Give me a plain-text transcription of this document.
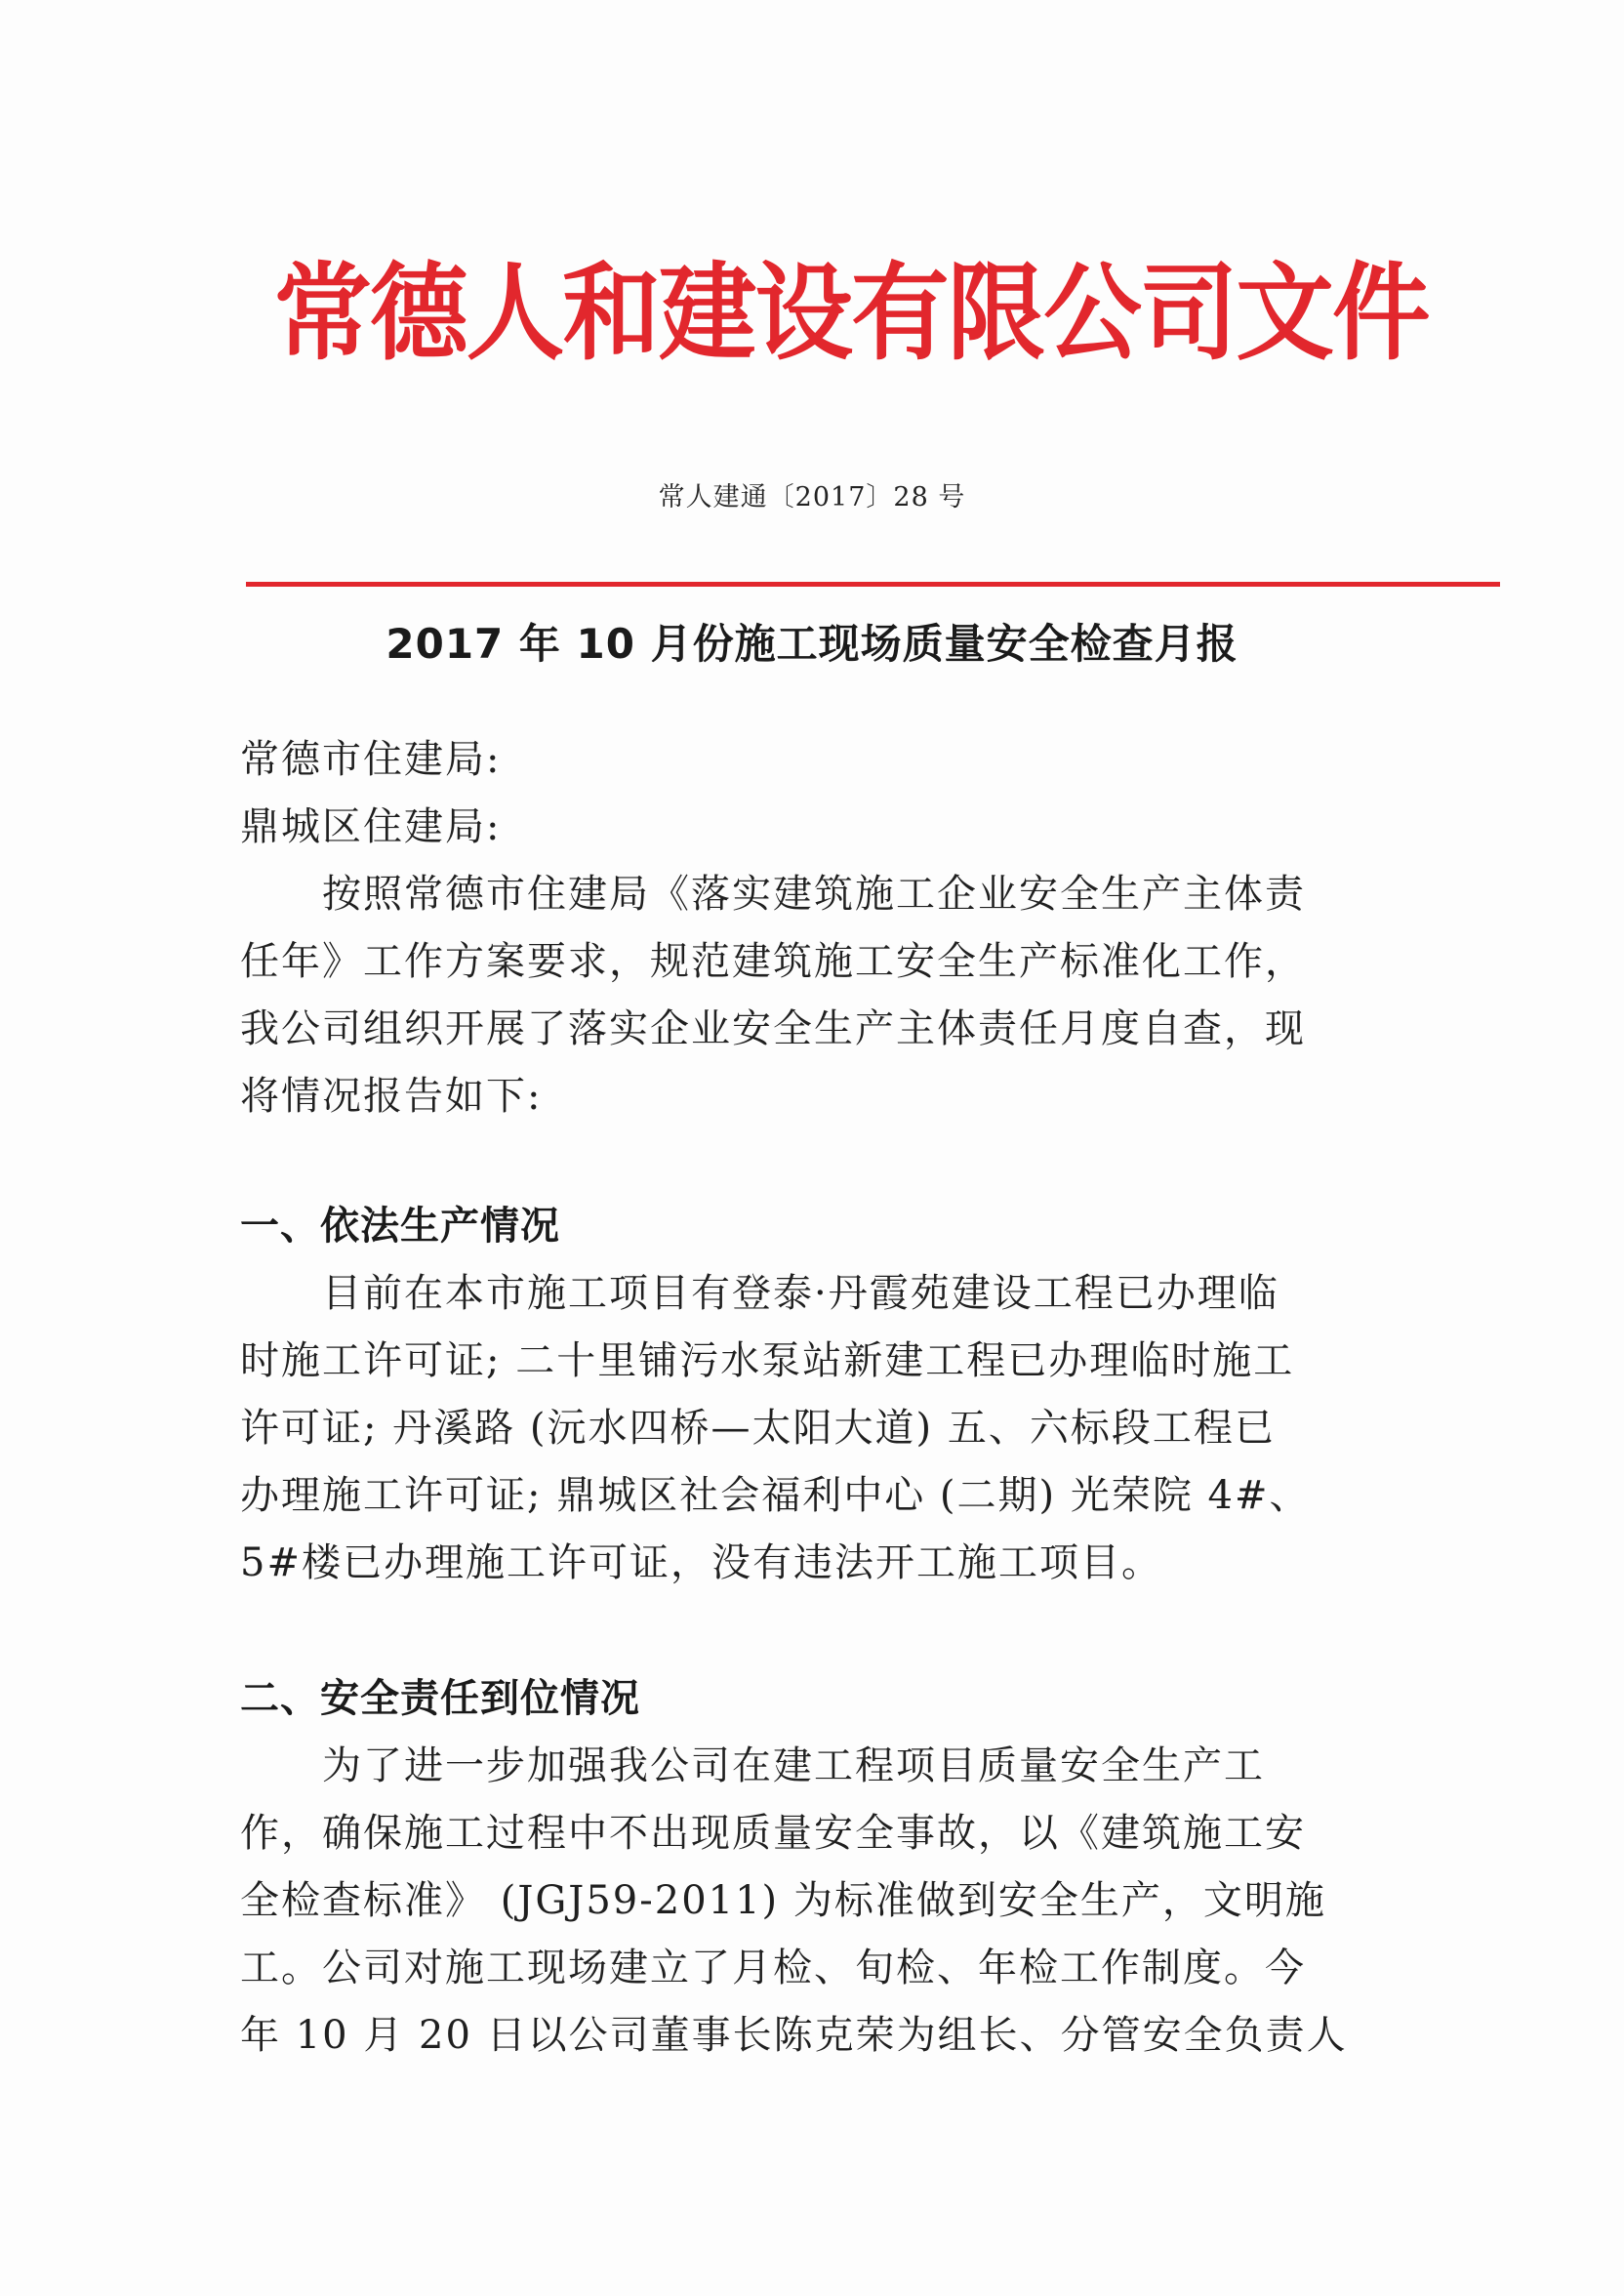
常德人和建设有限公司文件
常人建通〔2017〕28 号
2017 年 10 月份施工现场质量安全检查月报
常德市住建局:
鼎城区住建局:
按照常德市住建局《落实建筑施工企业安全生产主体责
任年》工作方案要求，规范建筑施工安全生产标准化工作，
我公司组织开展了落实企业安全生产主体责任月度自查，现
将情况报告如下:
一、依法生产情况
目前在本市施工项目有登泰·丹霞苑建设工程已办理临
时施工许可证; 二十里铺污水泵站新建工程已办理临时施工
许可证; 丹溪路 (沅水四桥—太阳大道) 五、六标段工程已
办理施工许可证; 鼎城区社会福利中心 (二期) 光荣院 4#、
5#楼已办理施工许可证，没有违法开工施工项目。
二、安全责任到位情况
为了进一步加强我公司在建工程项目质量安全生产工
作，确保施工过程中不出现质量安全事故，以《建筑施工安
全检查标准》 (JGJ59-2011) 为标准做到安全生产，文明施
工。公司对施工现场建立了月检、旬检、年检工作制度。今
年 10 月 20 日以公司董事长陈克荣为组长、分管安全负责人
